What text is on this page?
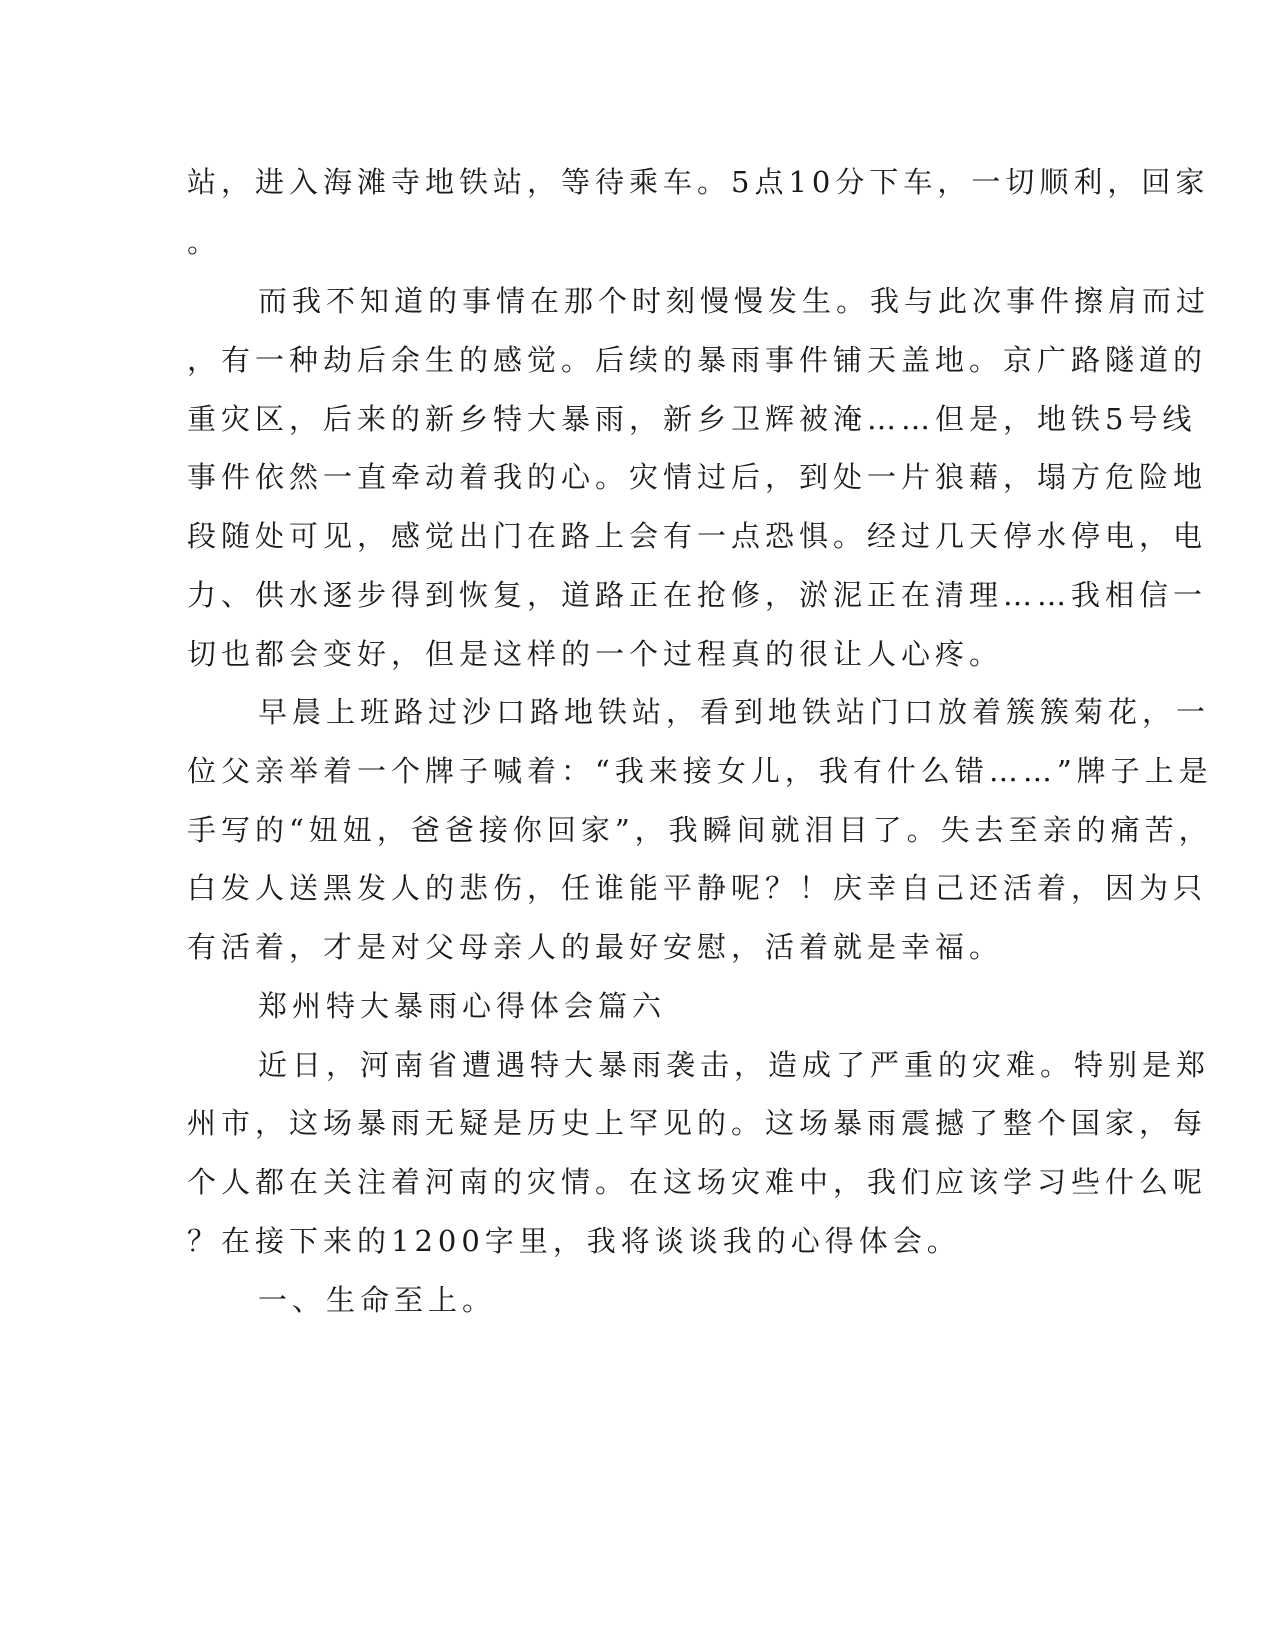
站，进入海滩寺地铁站，等待乘车。5点10分下车，一切顺利，回家
。
而我不知道的事情在那个时刻慢慢发生。我与此次事件擦肩而过
，有一种劫后余生的感觉。后续的暴雨事件铺天盖地。京广路隧道的
重灾区，后来的新乡特大暴雨，新乡卫辉被淹……但是，地铁5号线
事件依然一直牵动着我的心。灾情过后，到处一片狼藉，塌方危险地
段随处可见，感觉出门在路上会有一点恐惧。经过几天停水停电，电
力、供水逐步得到恢复，道路正在抢修，淤泥正在清理……我相信一
切也都会变好，但是这样的一个过程真的很让人心疼。
早晨上班路过沙口路地铁站，看到地铁站门口放着簇簇菊花，一
位父亲举着一个牌子喊着：“我来接女儿，我有什么错……”牌子上是
手写的“妞妞，爸爸接你回家”，我瞬间就泪目了。失去至亲的痛苦，
白发人送黑发人的悲伤，任谁能平静呢？！庆幸自己还活着，因为只
有活着，才是对父母亲人的最好安慰，活着就是幸福。
郑州特大暴雨心得体会篇六
近日，河南省遭遇特大暴雨袭击，造成了严重的灾难。特别是郑
州市，这场暴雨无疑是历史上罕见的。这场暴雨震撼了整个国家，每
个人都在关注着河南的灾情。在这场灾难中，我们应该学习些什么呢
？在接下来的1200字里，我将谈谈我的心得体会。
一、生命至上。
